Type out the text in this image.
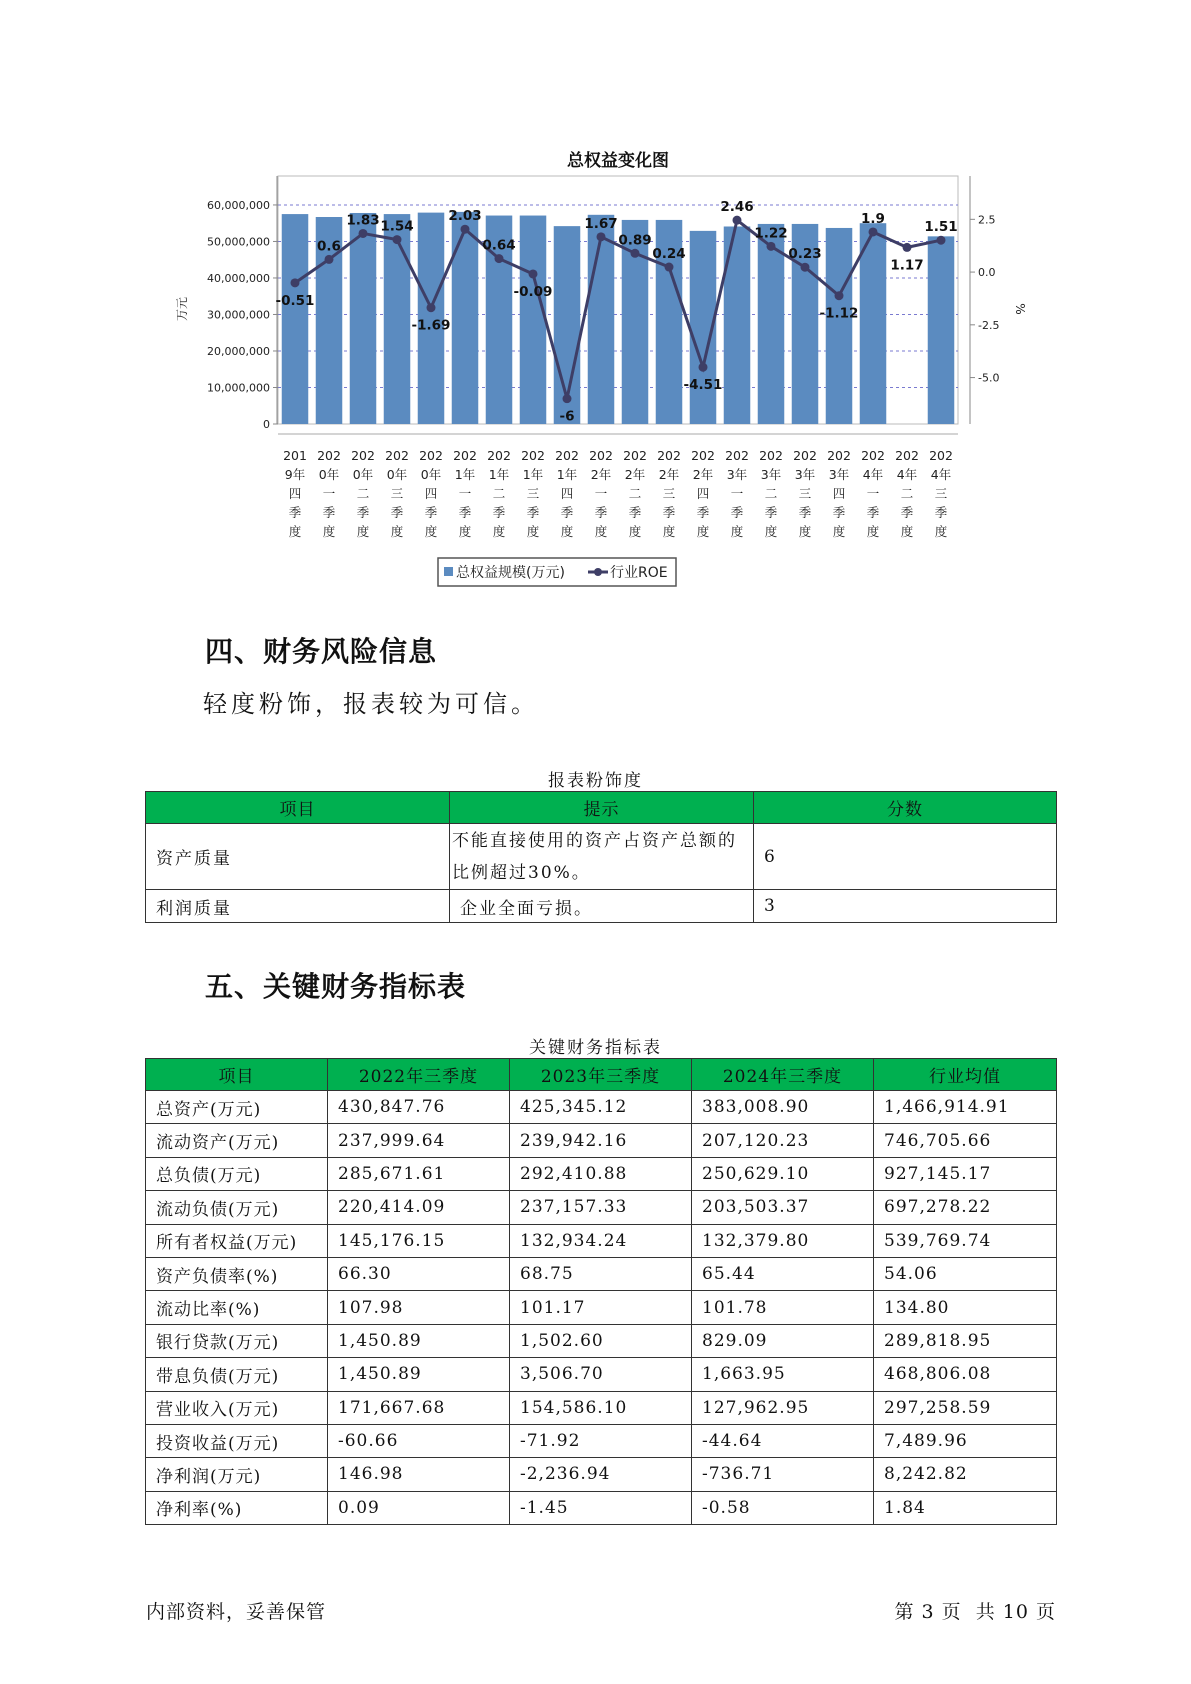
总权益变化图
0
10,000,000
20,000,000
30,000,000
40,000,000
50,000,000
60,000,000
万元
-5.0
-2.5
0.0
2.5
%
-0.51
0.6
1.83 1.54
-1.69
2.03
0.64
-0.09
-6
1.67
0.89
0.24
-4.51
2.46
1.22
0.23
-1.12
1.9
1.17
1.51
201
9年
四
季
度
202
0年
一
季
度
202
0年
二
季
度
202
0年
三
季
度
202
0年
四
季
度
202
1年
一
季
度
202
1年
二
季
度
202
1年
三
季
度
202
1年
四
季
度
202
2年
一
季
度
202
2年
二
季
度
202
2年
三
季
度
202
2年
四
季
度
202
3年
一
季
度
202
3年
二
季
度
202
3年
三
季
度
202
3年
四
季
度
202
4年
一
季
度
202
4年
二
季
度
202
4年
三
季
度
总权益规模(万元)	行业ROE
四、财务风险信息
轻度粉饰，报表较为可信。
报表粉饰度
项目	提示	分数
资产质量	不能直接使用的资产占资产总额的比例超过30%。	6
利润质量	企业全面亏损。	3
五、关键财务指标表
关键财务指标表
项目	2022年三季度	2023年三季度	2024年三季度	行业均值
总资产(万元)	430,847.76	425,345.12	383,008.90	1,466,914.91
流动资产(万元)	237,999.64	239,942.16	207,120.23	746,705.66
总负债(万元)	285,671.61	292,410.88	250,629.10	927,145.17
流动负债(万元)	220,414.09	237,157.33	203,503.37	697,278.22
所有者权益(万元)	145,176.15	132,934.24	132,379.80	539,769.74
资产负债率(%)	66.30	68.75	65.44	54.06
流动比率(%)	107.98	101.17	101.78	134.80
银行贷款(万元)	1,450.89	1,502.60	829.09	289,818.95
带息负债(万元)	1,450.89	3,506.70	1,663.95	468,806.08
营业收入(万元)	171,667.68	154,586.10	127,962.95	297,258.59
投资收益(万元)	-60.66	-71.92	-44.64	7,489.96
净利润(万元)	146.98	-2,236.94	-736.71	8,242.82
净利率(%)	0.09	-1.45	-0.58	1.84
内部资料，妥善保管	第 3 页  共 10 页
